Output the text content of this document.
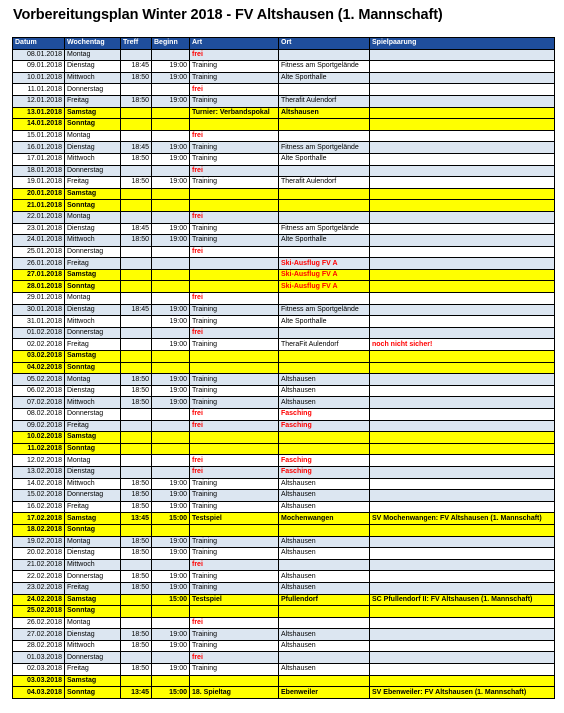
Vorbereitungsplan Winter 2018 - FV Altshausen (1. Mannschaft)
Datum	Wochentag	Treff	Beginn	Art	Ort	Spielpaarung
08.01.2018	Montag			frei		
09.01.2018	Dienstag	18:45	19:00	Training	Fitness am Sportgelände	
10.01.2018	Mittwoch	18:50	19:00	Training	Alte Sporthalle	
11.01.2018	Donnerstag			frei		
12.01.2018	Freitag	18:50	19:00	Training	Therafit Aulendorf	
13.01.2018	Samstag			Turnier: Verbandspokal	Altshausen	
14.01.2018	Sonntag					
15.01.2018	Montag			frei		
16.01.2018	Dienstag	18:45	19:00	Training	Fitness am Sportgelände	
17.01.2018	Mittwoch	18:50	19:00	Training	Alte Sporthalle	
18.01.2018	Donnerstag			frei		
19.01.2018	Freitag	18:50	19:00	Training	Therafit Aulendorf	
20.01.2018	Samstag					
21.01.2018	Sonntag					
22.01.2018	Montag			frei		
23.01.2018	Dienstag	18:45	19:00	Training	Fitness am Sportgelände	
24.01.2018	Mittwoch	18:50	19:00	Training	Alte Sporthalle	
25.01.2018	Donnerstag			frei		
26.01.2018	Freitag				Ski-Ausflug FV A	
27.01.2018	Samstag				Ski-Ausflug FV A	
28.01.2018	Sonntag				Ski-Ausflug FV A	
29.01.2018	Montag			frei		
30.01.2018	Dienstag	18:45	19:00	Training	Fitness am Sportgelände	
31.01.2018	Mittwoch		19:00	Training	Alte Sporthalle	
01.02.2018	Donnerstag			frei		
02.02.2018	Freitag		19:00	Training	TheraFit Aulendorf	noch nicht sicher!
03.02.2018	Samstag					
04.02.2018	Sonntag					
05.02.2018	Montag	18:50	19:00	Training	Altshausen	
06.02.2018	Dienstag	18:50	19:00	Training	Altshausen	
07.02.2018	Mittwoch	18:50	19:00	Training	Altshausen	
08.02.2018	Donnerstag			frei	Fasching	
09.02.2018	Freitag			frei	Fasching	
10.02.2018	Samstag					
11.02.2018	Sonntag					
12.02.2018	Montag			frei	Fasching	
13.02.2018	Dienstag			frei	Fasching	
14.02.2018	Mittwoch	18:50	19:00	Training	Altshausen	
15.02.2018	Donnerstag	18:50	19:00	Training	Altshausen	
16.02.2018	Freitag	18:50	19:00	Training	Altshausen	
17.02.2018	Samstag	13:45	15:00	Testspiel	Mochenwangen	SV Mochenwangen: FV Altshausen (1. Mannschaft)
18.02.2018	Sonntag					
19.02.2018	Montag	18:50	19:00	Training	Altshausen	
20.02.2018	Dienstag	18:50	19:00	Training	Altshausen	
21.02.2018	Mittwoch			frei		
22.02.2018	Donnerstag	18:50	19:00	Training	Altshausen	
23.02.2018	Freitag	18:50	19:00	Training	Altshausen	
24.02.2018	Samstag		15:00	Testspiel	Pfullendorf	SC Pfullendorf II: FV Altshausen (1. Mannschaft)
25.02.2018	Sonntag					
26.02.2018	Montag			frei		
27.02.2018	Dienstag	18:50	19:00	Training	Altshausen	
28.02.2018	Mittwoch	18:50	19:00	Training	Altshausen	
01.03.2018	Donnerstag			frei		
02.03.2018	Freitag	18:50	19:00	Training	Altshausen	
03.03.2018	Samstag					
04.03.2018	Sonntag	13:45	15:00	18. Spieltag	Ebenweiler	SV Ebenweiler: FV Altshausen (1. Mannschaft)
